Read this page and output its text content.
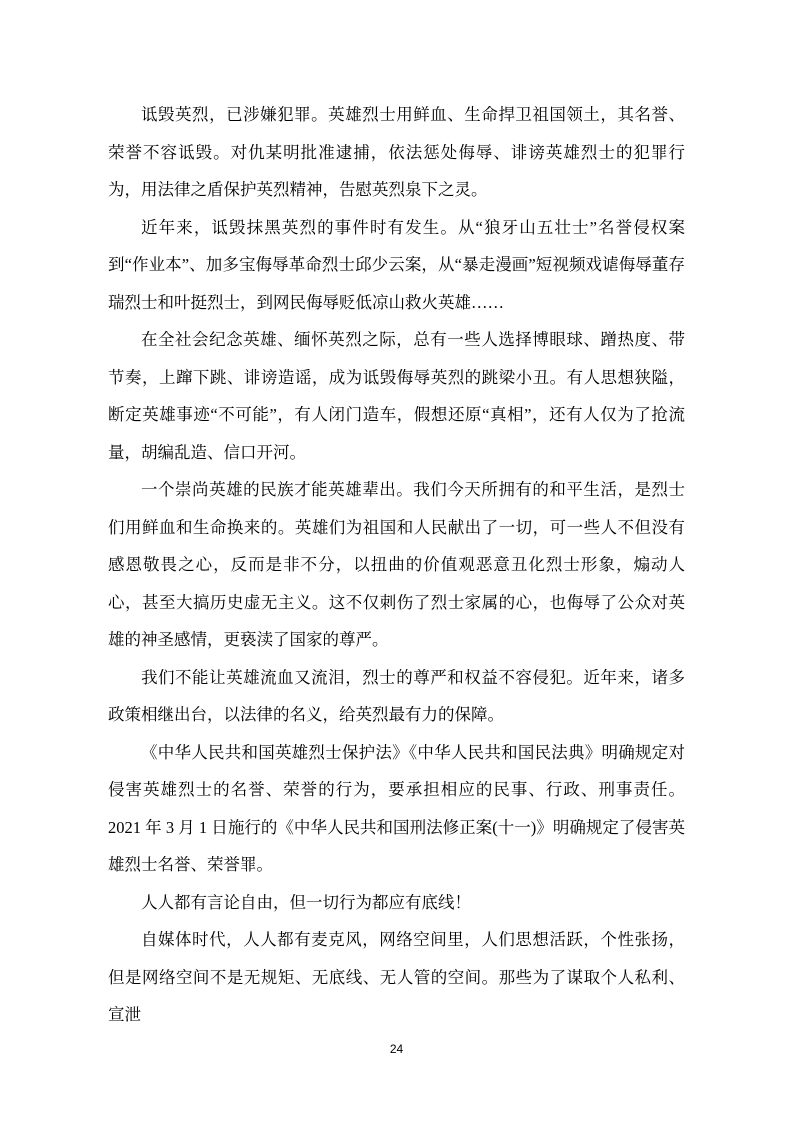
诋毁英烈，已涉嫌犯罪。英雄烈士用鲜血、生命捍卫祖国领土，其名誉、荣誉不容诋毁。对仇某明批准逮捕，依法惩处侮辱、诽谤英雄烈士的犯罪行为，用法律之盾保护英烈精神，告慰英烈泉下之灵。

近年来，诋毁抹黑英烈的事件时有发生。从“狼牙山五壮士”名誉侵权案到“作业本”、加多宝侮辱革命烈士邱少云案，从“暴走漫画”短视频戏谑侮辱董存瑞烈士和叶挺烈士，到网民侮辱贬低凉山救火英雄……

在全社会纪念英雄、缅怀英烈之际，总有一些人选择博眼球、蹭热度、带节奏，上蹿下跳、诽谤造谣，成为诋毁侮辱英烈的跳梁小丑。有人思想狭隘，断定英雄事迹“不可能”，有人闭门造车，假想还原“真相”，还有人仅为了抢流量，胡编乱造、信口开河。

一个崇尚英雄的民族才能英雄辈出。我们今天所拥有的和平生活，是烈士们用鲜血和生命换来的。英雄们为祖国和人民献出了一切，可一些人不但没有感恩敬畏之心，反而是非不分，以扭曲的价值观恶意丑化烈士形象，煽动人心，甚至大搞历史虚无主义。这不仅刺伤了烈士家属的心，也侮辱了公众对英雄的神圣感情，更亵渎了国家的尊严。

我们不能让英雄流血又流泪，烈士的尊严和权益不容侵犯。近年来，诸多政策相继出台，以法律的名义，给英烈最有力的保障。

《中华人民共和国英雄烈士保护法》《中华人民共和国民法典》明确规定对侵害英雄烈士的名誉、荣誉的行为，要承担相应的民事、行政、刑事责任。2021 年 3 月 1 日施行的《中华人民共和国刑法修正案(十一)》明确规定了侵害英雄烈士名誉、荣誉罪。

人人都有言论自由，但一切行为都应有底线！

自媒体时代，人人都有麦克风，网络空间里，人们思想活跃，个性张扬，但是网络空间不是无规矩、无底线、无人管的空间。那些为了谋取个人私利、宣泄

24
